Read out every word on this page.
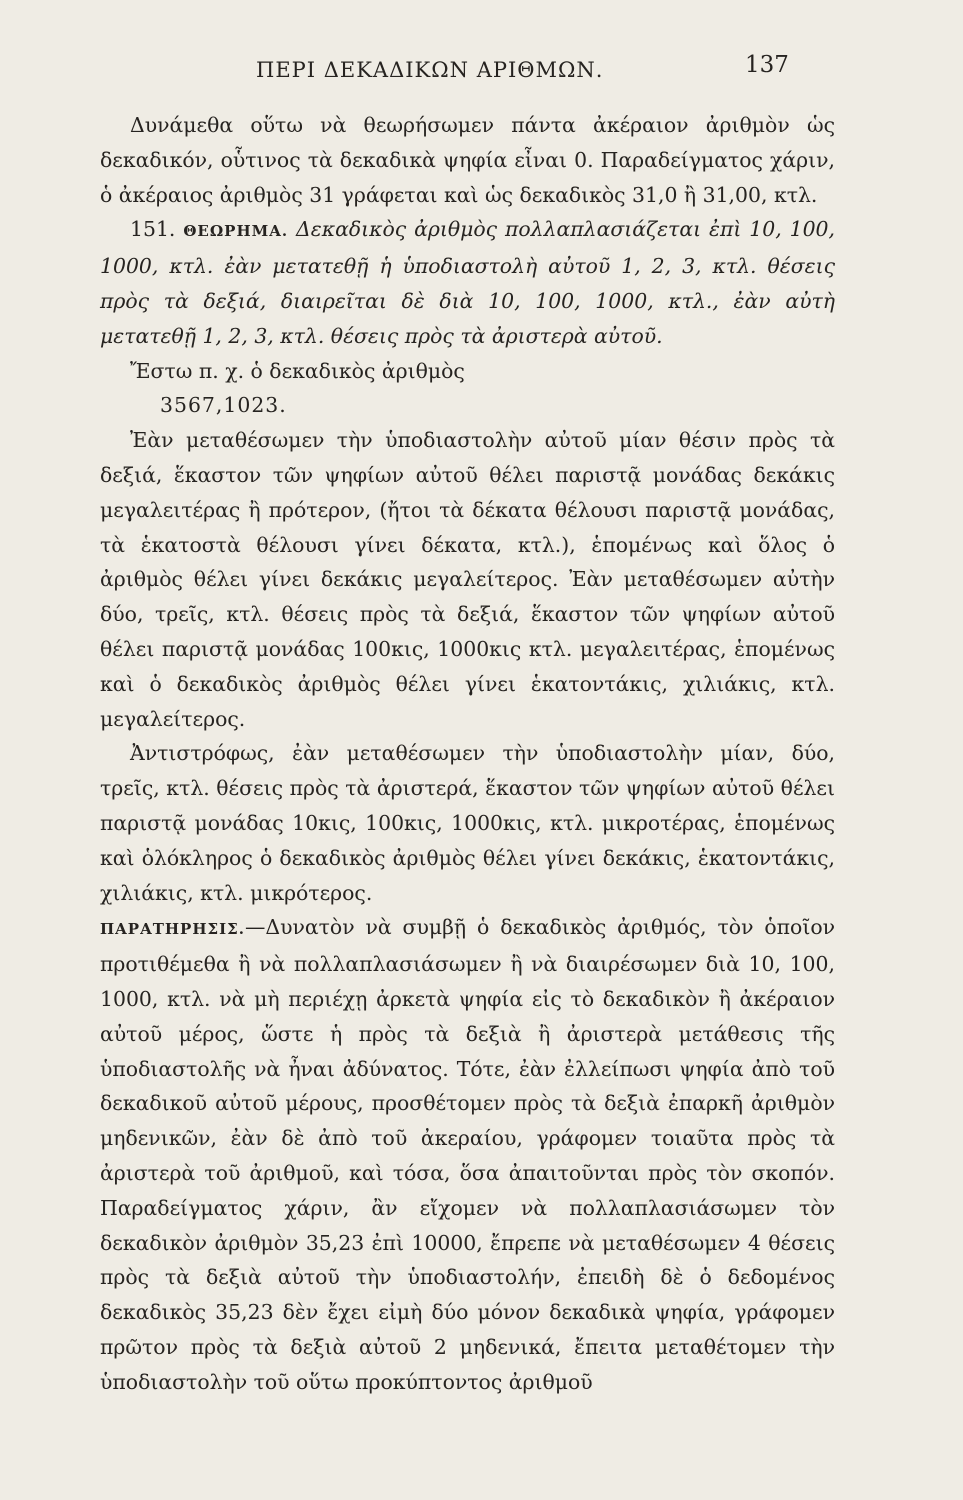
ΠΕΡΙ ΔΕΚΑΔΙΚΩΝ ΑΡΙΘΜΩΝ.	137

Δυνάμεθα οὕτω νὰ θεωρήσωμεν πάντα ἀκέραιον ἀριθμὸν ὡς δεκαδικόν, οὗτινος τὰ δεκαδικὰ ψηφία εἶναι 0. Παραδείγματος χάριν, ὁ ἀκέραιος ἀριθμὸς 31 γράφεται καὶ ὡς δεκαδικὸς 31,0 ἢ 31,00, κτλ.

151. ΘΕΩΡΗΜΑ. Δεκαδικὸς ἀριθμὸς πολλαπλασιάζεται ἐπὶ 10, 100, 1000, κτλ. ἐὰν μετατεθῇ ἡ ὑποδιαστολὴ αὐτοῦ 1, 2, 3, κτλ. θέσεις πρὸς τὰ δεξιά, διαιρεῖται δὲ διὰ 10, 100, 1000, κτλ., ἐὰν αὐτὴ μετατεθῇ 1, 2, 3, κτλ. θέσεις πρὸς τὰ ἀριστερὰ αὐτοῦ.

Ἔστω π. χ. ὁ δεκαδικὸς ἀριθμὸς

3567,1023.

Ἐὰν μεταθέσωμεν τὴν ὑποδιαστολὴν αὐτοῦ μίαν θέσιν πρὸς τὰ δεξιά, ἕκαστον τῶν ψηφίων αὐτοῦ θέλει παριστᾷ μονάδας δεκάκις μεγαλειτέρας ἢ πρότερον, (ἤτοι τὰ δέκατα θέλουσι παριστᾷ μονάδας, τὰ ἑκατοστὰ θέλουσι γίνει δέκατα, κτλ.), ἑπομένως καὶ ὅλος ὁ ἀριθμὸς θέλει γίνει δεκάκις μεγαλείτερος. Ἐὰν μεταθέσωμεν αὐτὴν δύο, τρεῖς, κτλ. θέσεις πρὸς τὰ δεξιά, ἕκαστον τῶν ψηφίων αὐτοῦ θέλει παριστᾷ μονάδας 100κις, 1000κις κτλ. μεγαλειτέρας, ἑπομένως καὶ ὁ δεκαδικὸς ἀριθμὸς θέλει γίνει ἑκατοντάκις, χιλιάκις, κτλ. μεγαλείτερος.

Ἀντιστρόφως, ἐὰν μεταθέσωμεν τὴν ὑποδιαστολὴν μίαν, δύο, τρεῖς, κτλ. θέσεις πρὸς τὰ ἀριστερά, ἕκαστον τῶν ψηφίων αὐτοῦ θέλει παριστᾷ μονάδας 10κις, 100κις, 1000κις, κτλ. μικροτέρας, ἑπομένως καὶ ὁλόκληρος ὁ δεκαδικὸς ἀριθμὸς θέλει γίνει δεκάκις, ἑκατοντάκις, χιλιάκις, κτλ. μικρότερος.

ΠΑΡΑΤΗΡΗΣΙΣ.—Δυνατὸν νὰ συμβῇ ὁ δεκαδικὸς ἀριθμός, τὸν ὁποῖον προτιθέμεθα ἢ νὰ πολλαπλασιάσωμεν ἢ νὰ διαιρέσωμεν διὰ 10, 100, 1000, κτλ. νὰ μὴ περιέχῃ ἀρκετὰ ψηφία εἰς τὸ δεκαδικὸν ἢ ἀκέραιον αὐτοῦ μέρος, ὥστε ἡ πρὸς τὰ δεξιὰ ἢ ἀριστερὰ μετάθεσις τῆς ὑποδιαστολῆς νὰ ἦναι ἀδύνατος. Τότε, ἐὰν ἐλλείπωσι ψηφία ἀπὸ τοῦ δεκαδικοῦ αὐτοῦ μέρους, προσθέτομεν πρὸς τὰ δεξιὰ ἐπαρκῆ ἀριθμὸν μηδενικῶν, ἐὰν δὲ ἀπὸ τοῦ ἀκεραίου, γράφομεν τοιαῦτα πρὸς τὰ ἀριστερὰ τοῦ ἀριθμοῦ, καὶ τόσα, ὅσα ἀπαιτοῦνται πρὸς τὸν σκοπόν. Παραδείγματος χάριν, ἂν εἴχομεν νὰ πολλαπλασιάσωμεν τὸν δεκαδικὸν ἀριθμὸν 35,23 ἐπὶ 10000, ἔπρεπε νὰ μεταθέσωμεν 4 θέσεις πρὸς τὰ δεξιὰ αὐτοῦ τὴν ὑποδιαστολήν, ἐπειδὴ δὲ ὁ δεδομένος δεκαδικὸς 35,23 δὲν ἔχει εἰμὴ δύο μόνον δεκαδικὰ ψηφία, γράφομεν πρῶτον πρὸς τὰ δεξιὰ αὐτοῦ 2 μηδενικά, ἔπειτα μεταθέτομεν τὴν ὑποδιαστολὴν τοῦ οὕτω προκύπτοντος ἀριθμοῦ
